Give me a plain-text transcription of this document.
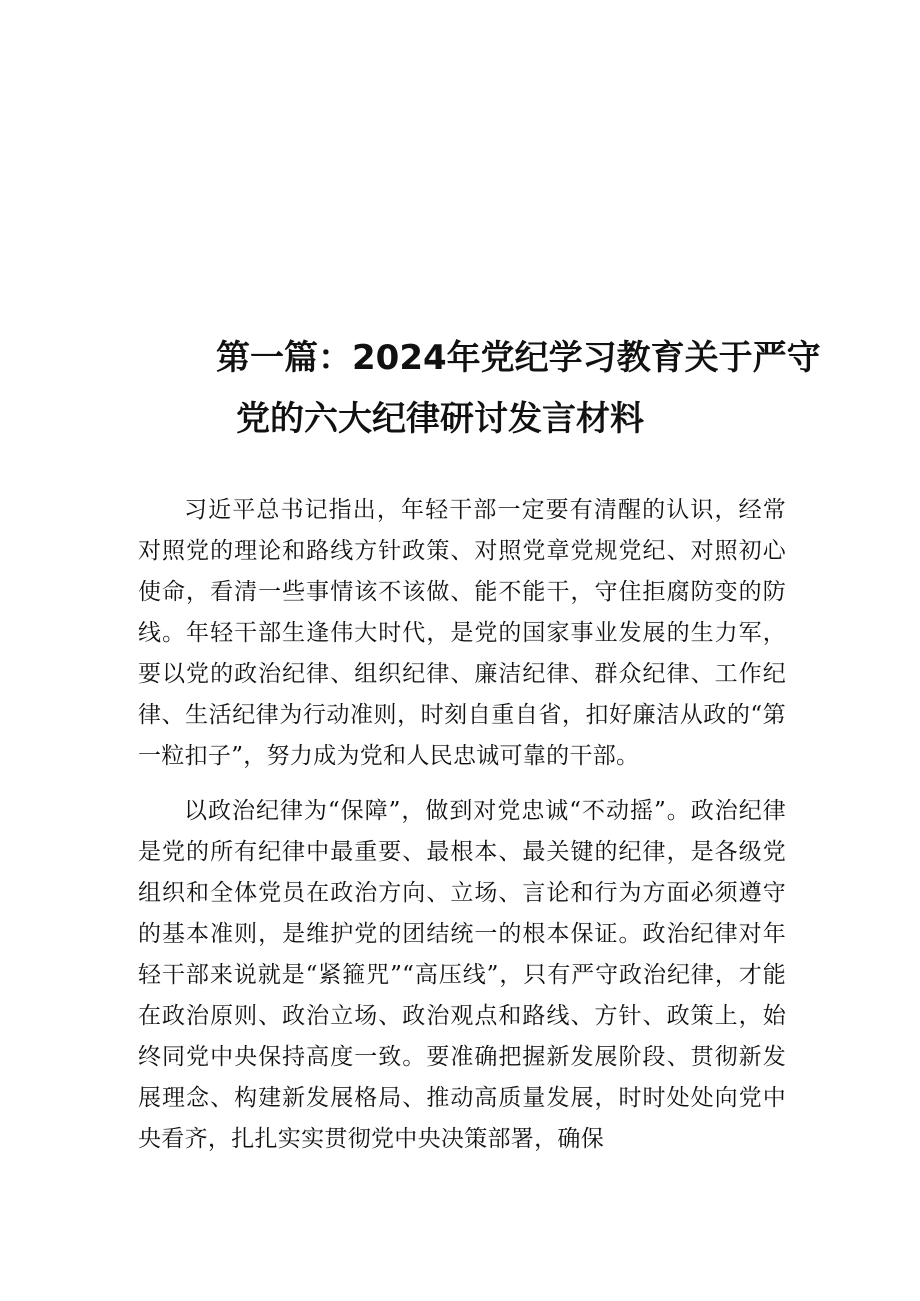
第一篇：2024年党纪学习教育关于严守
党的六大纪律研讨发言材料

习近平总书记指出，年轻干部一定要有清醒的认识，经常对照党的理论和路线方针政策、对照党章党规党纪、对照初心使命，看清一些事情该不该做、能不能干，守住拒腐防变的防线。年轻干部生逢伟大时代，是党的国家事业发展的生力军，要以党的政治纪律、组织纪律、廉洁纪律、群众纪律、工作纪律、生活纪律为行动准则，时刻自重自省，扣好廉洁从政的“第一粒扣子”，努力成为党和人民忠诚可靠的干部。

以政治纪律为“保障”，做到对党忠诚“不动摇”。政治纪律是党的所有纪律中最重要、最根本、最关键的纪律，是各级党组织和全体党员在政治方向、立场、言论和行为方面必须遵守的基本准则，是维护党的团结统一的根本保证。政治纪律对年轻干部来说就是“紧箍咒”“高压线”，只有严守政治纪律，才能在政治原则、政治立场、政治观点和路线、方针、政策上，始终同党中央保持高度一致。要准确把握新发展阶段、贯彻新发展理念、构建新发展格局、推动高质量发展，时时处处向党中央看齐，扎扎实实贯彻党中央决策部署，确保
